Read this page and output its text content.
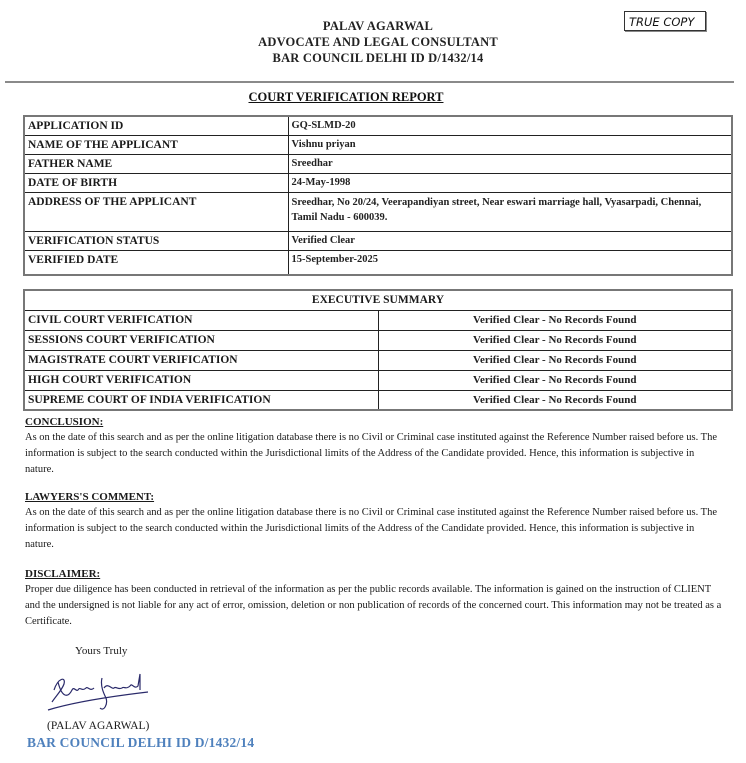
PALAV AGARWAL
ADVOCATE AND LEGAL CONSULTANT
BAR COUNCIL DELHI ID D/1432/14
TRUE COPY
COURT VERIFICATION REPORT
APPLICATION ID	GQ-SLMD-20
NAME OF THE APPLICANT	Vishnu priyan
FATHER NAME	Sreedhar
DATE OF BIRTH	24-May-1998
ADDRESS OF THE APPLICANT	Sreedhar, No 20/24, Veerapandiyan street, Near eswari marriage hall, Vyasarpadi, Chennai, Tamil Nadu - 600039.
VERIFICATION STATUS	Verified Clear
VERIFIED DATE	15-September-2025
EXECUTIVE SUMMARY	
CIVIL COURT VERIFICATION	Verified Clear - No Records Found
SESSIONS COURT VERIFICATION	Verified Clear - No Records Found
MAGISTRATE COURT VERIFICATION	Verified Clear - No Records Found
HIGH COURT VERIFICATION	Verified Clear - No Records Found
SUPREME COURT OF INDIA VERIFICATION	Verified Clear - No Records Found
CONCLUSION:
As on the date of this search and as per the online litigation database there is no Civil or Criminal case instituted against the Reference Number raised before us. The information is subject to the search conducted within the Jurisdictional limits of the Address of the Candidate provided. Hence, this information is subjective in nature.
LAWYERS'S COMMENT:
As on the date of this search and as per the online litigation database there is no Civil or Criminal case instituted against the Reference Number raised before us. The information is subject to the search conducted within the Jurisdictional limits of the Address of the Candidate provided. Hence, this information is subjective in nature.
DISCLAIMER:
Proper due diligence has been conducted in retrieval of the information as per the public records available. The information is gained on the instruction of CLIENT and the undersigned is not liable for any act of error, omission, deletion or non publication of records of the concerned court. This information may not be treated as a Certificate.
Yours Truly
(PALAV AGARWAL)
BAR COUNCIL DELHI ID D/1432/14
